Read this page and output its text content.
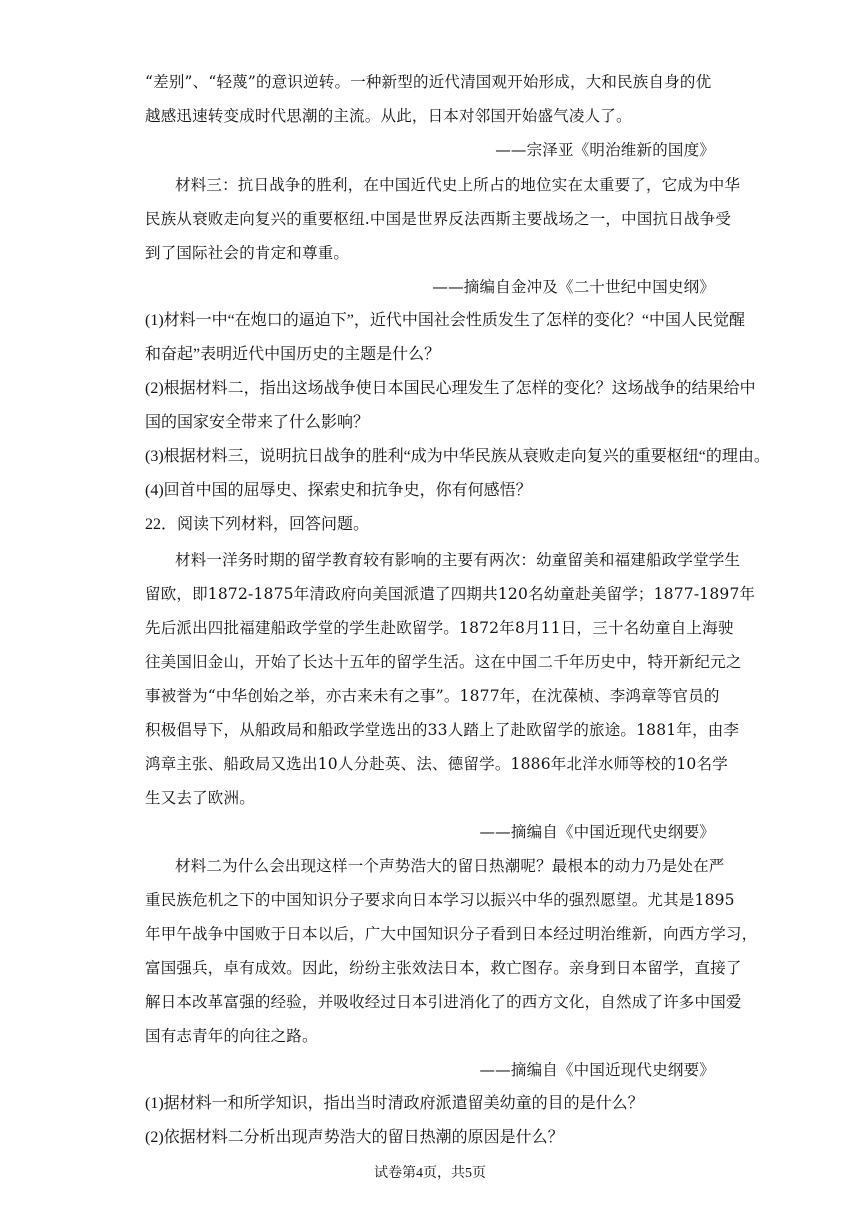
“差别”、“轻蔑”的意识逆转。一种新型的近代清国观开始形成，大和民族自身的优
越感迅速转变成时代思潮的主流。从此，日本对邻国开始盛气凌人了。
——宗泽亚《明治维新的国度》
材料三：抗日战争的胜利，在中国近代史上所占的地位实在太重要了，它成为中华
民族从衰败走向复兴的重要枢纽.中国是世界反法西斯主要战场之一，中国抗日战争受
到了国际社会的肯定和尊重。
——摘编自金冲及《二十世纪中国史纲》
(1)材料一中“在炮口的逼迫下”，近代中国社会性质发生了怎样的变化？“中国人民觉醒
和奋起”表明近代中国历史的主题是什么？
(2)根据材料二，指出这场战争使日本国民心理发生了怎样的变化？这场战争的结果给中
国的国家安全带来了什么影响？
(3)根据材料三，说明抗日战争的胜利“成为中华民族从衰败走向复兴的重要枢纽“的理由。
(4)回首中国的屈辱史、探索史和抗争史，你有何感悟？
22．阅读下列材料，回答问题。
材料一洋务时期的留学教育较有影响的主要有两次：幼童留美和福建船政学堂学生
留欧，即1872-1875年清政府向美国派遣了四期共120名幼童赴美留学；1877-1897年
先后派出四批福建船政学堂的学生赴欧留学。1872年8月11日，三十名幼童自上海驶
往美国旧金山，开始了长达十五年的留学生活。这在中国二千年历史中，特开新纪元之
事被誉为“中华创始之举，亦古来未有之事”。1877年，在沈葆桢、李鸿章等官员的
积极倡导下，从船政局和船政学堂选出的33人踏上了赴欧留学的旅途。1881年，由李
鸿章主张、船政局又选出10人分赴英、法、德留学。1886年北洋水师等校的10名学
生又去了欧洲。
——摘编自《中国近现代史纲要》
材料二为什么会出现这样一个声势浩大的留日热潮呢？最根本的动力乃是处在严
重民族危机之下的中国知识分子要求向日本学习以振兴中华的强烈愿望。尤其是1895
年甲午战争中国败于日本以后，广大中国知识分子看到日本经过明治维新，向西方学习，
富国强兵，卓有成效。因此，纷纷主张效法日本，救亡图存。亲身到日本留学，直接了
解日本改革富强的经验，并吸收经过日本引进消化了的西方文化，自然成了许多中国爱
国有志青年的向往之路。
——摘编自《中国近现代史纲要》
(1)据材料一和所学知识，指出当时清政府派遣留美幼童的目的是什么？
(2)依据材料二分析出现声势浩大的留日热潮的原因是什么？
试卷第4页，共5页
